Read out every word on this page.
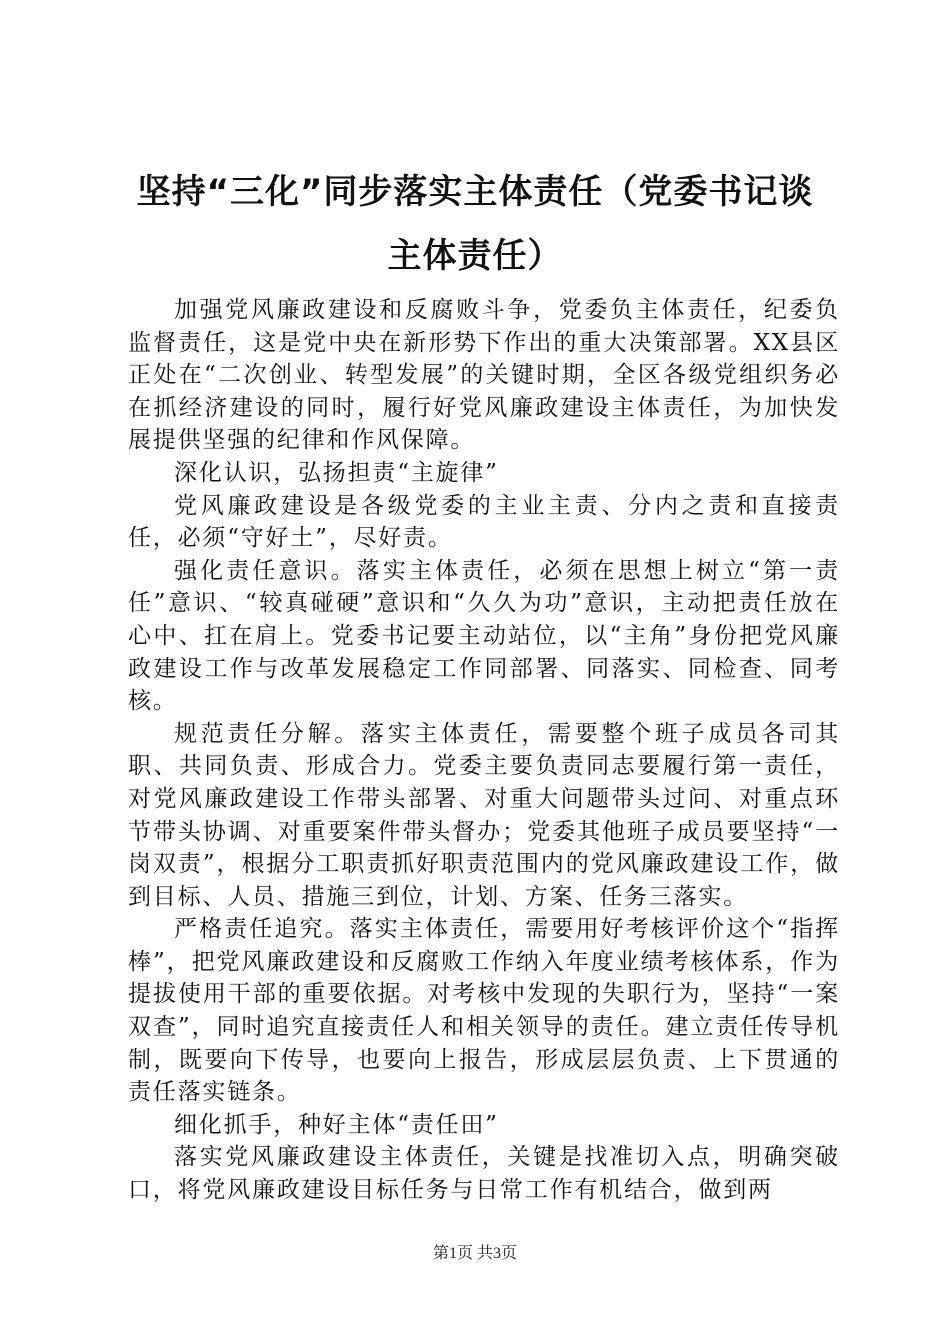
坚持“三化”同步落实主体责任（党委书记谈
主体责任）

加强党风廉政建设和反腐败斗争，党委负主体责任，纪委负监督责任，这是党中央在新形势下作出的重大决策部署。XX县区正处在“二次创业、转型发展”的关键时期，全区各级党组织务必在抓经济建设的同时，履行好党风廉政建设主体责任，为加快发展提供坚强的纪律和作风保障。

深化认识，弘扬担责“主旋律”

党风廉政建设是各级党委的主业主责、分内之责和直接责任，必须“守好土”，尽好责。

强化责任意识。落实主体责任，必须在思想上树立“第一责任”意识、“较真碰硬”意识和“久久为功”意识，主动把责任放在心中、扛在肩上。党委书记要主动站位，以“主角”身份把党风廉政建设工作与改革发展稳定工作同部署、同落实、同检查、同考核。

规范责任分解。落实主体责任，需要整个班子成员各司其职、共同负责、形成合力。党委主要负责同志要履行第一责任，对党风廉政建设工作带头部署、对重大问题带头过问、对重点环节带头协调、对重要案件带头督办；党委其他班子成员要坚持“一岗双责”，根据分工职责抓好职责范围内的党风廉政建设工作，做到目标、人员、措施三到位，计划、方案、任务三落实。

严格责任追究。落实主体责任，需要用好考核评价这个“指挥棒”，把党风廉政建设和反腐败工作纳入年度业绩考核体系，作为提拔使用干部的重要依据。对考核中发现的失职行为，坚持“一案双查”，同时追究直接责任人和相关领导的责任。建立责任传导机制，既要向下传导，也要向上报告，形成层层负责、上下贯通的责任落实链条。

细化抓手，种好主体“责任田”

落实党风廉政建设主体责任，关键是找准切入点，明确突破口，将党风廉政建设目标任务与日常工作有机结合，做到两

第1页 共3页
